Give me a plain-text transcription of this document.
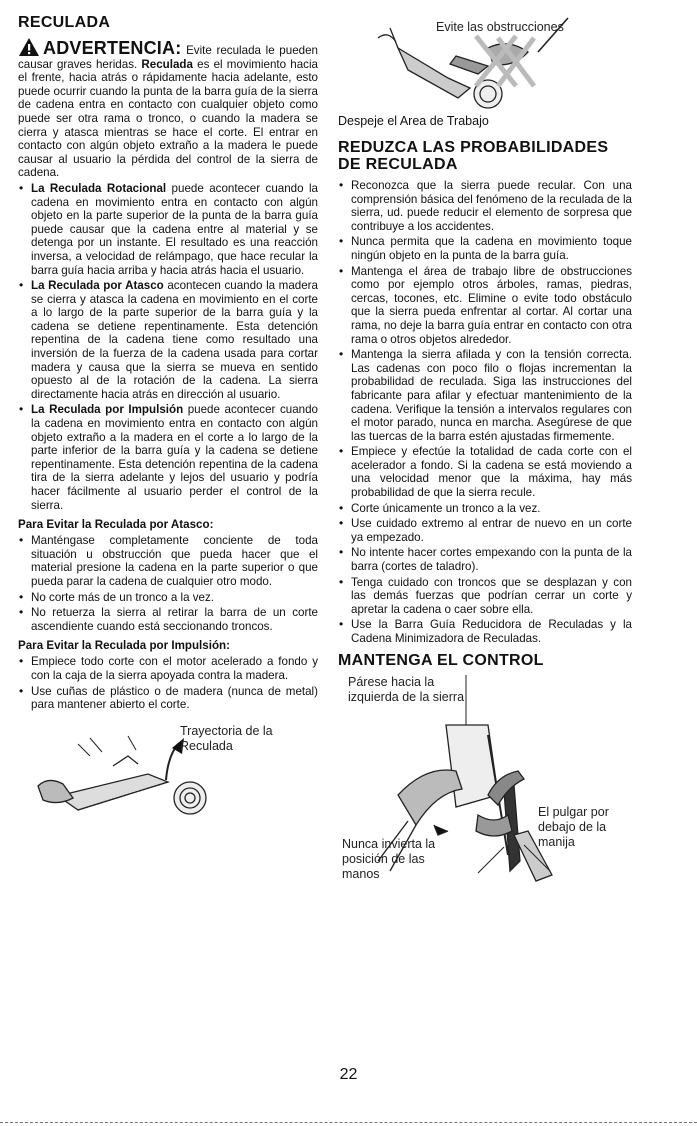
RECULADA

ADVERTENCIA: Evite reculada le pueden causar graves heridas. Reculada es el movimiento hacia el frente, hacia atrás o rápidamente hacia adelante, esto puede ocurrir cuando la punta de la barra guía de la sierra de cadena entra en contacto con cualquier objeto como puede ser otra rama o tronco, o cuando la madera se cierra y atasca mientras se hace el corte. El entrar en contacto con algún objeto extraño a la madera le puede causar al usuario la pérdida del control de la sierra de cadena.

• La Reculada Rotacional puede acontecer cuando la cadena en movimiento entra en contacto con algún objeto en la parte superior de la punta de la barra guía puede causar que la cadena entre al material y se detenga por un instante. El resultado es una reacción inversa, a velocidad de relámpago, que hace recular la barra guía hacia arriba y hacia atrás hacia el usuario.
• La Reculada por Atasco acontecen cuando la madera se cierra y atasca la cadena en movimiento en el corte a lo largo de la parte superior de la barra guía y la cadena se detiene repentinamente. Esta detención repentina de la cadena tiene como resultado una inversión de la fuerza de la cadena usada para cortar madera y causa que la sierra se mueva en sentido opuesto al de la rotación de la cadena. La sierra directamente hacia atrás en dirección al usuario.
• La Reculada por Impulsión puede acontecer cuando la cadena en movimiento entra en contacto con algún objeto extraño a la madera en el corte a lo largo de la parte inferior de la barra guía y la cadena se detiene repentinamente. Esta detención repentina de la cadena tira de la sierra adelante y lejos del usuario y podría hacer fácilmente al usuario perder el control de la sierra.
Para Evitar la Reculada por Atasco:
• Manténgase completamente conciente de toda situación u obstrucción que pueda hacer que el material presione la cadena en la parte superior o que pueda parar la cadena de cualquier otro modo.
• No corte más de un tronco a la vez.
• No retuerza la sierra al retirar la barra de un corte ascendiente cuando está seccionando troncos.
Para Evitar la Reculada por Impulsión:
• Empiece todo corte con el motor acelerado a fondo y con la caja de la sierra apoyada contra la madera.
• Use cuñas de plástico o de madera (nunca de metal) para mantener abierto el corte.
Trayectoria de la Reculada
Evite las obstrucciones
Despeje el Area de Trabajo
REDUZCA LAS PROBABILIDADES DE RECULADA
• Reconozca que la sierra puede recular. Con una comprensión básica del fenómeno de la reculada de la sierra, ud. puede reducir el elemento de sorpresa que contribuye a los accidentes.
• Nunca permita que la cadena en movimiento toque ningún objeto en la punta de la barra guía.
• Mantenga el área de trabajo libre de obstrucciones como por ejemplo otros árboles, ramas, piedras, cercas, tocones, etc. Elimine o evite todo obstáculo que la sierra pueda enfrentar al cortar. Al cortar una rama, no deje la barra guía entrar en contacto con otra rama o otros objetos alrededor.
• Mantenga la sierra afilada y con la tensión correcta. Las cadenas con poco filo o flojas incrementan la probabilidad de reculada. Siga las instrucciones del fabricante para afilar y efectuar mantenimiento de la cadena. Verifique la tensión a intervalos regulares con el motor parado, nunca en marcha. Asegúrese de que las tuercas de la barra estén ajustadas firmemente.
• Empiece y efectúe la totalidad de cada corte con el acelerador a fondo. Si la cadena se está moviendo a una velocidad menor que la máxima, hay más probabilidad de que la sierra recule.
• Corte únicamente un tronco a la vez.
• Use cuidado extremo al entrar de nuevo en un corte ya empezado.
• No intente hacer cortes empexando con la punta de la barra (cortes de taladro).
• Tenga cuidado con troncos que se desplazan y con las demás fuerzas que podrían cerrar un corte y apretar la cadena o caer sobre ella.
• Use la Barra Guía Reducidora de Reculadas y la Cadena Minimizadora de Reculadas.
MANTENGA EL CONTROL
Párese hacia la izquierda de la sierra
El pulgar por debajo de la manija
Nunca invierta la posición de las manos
22
